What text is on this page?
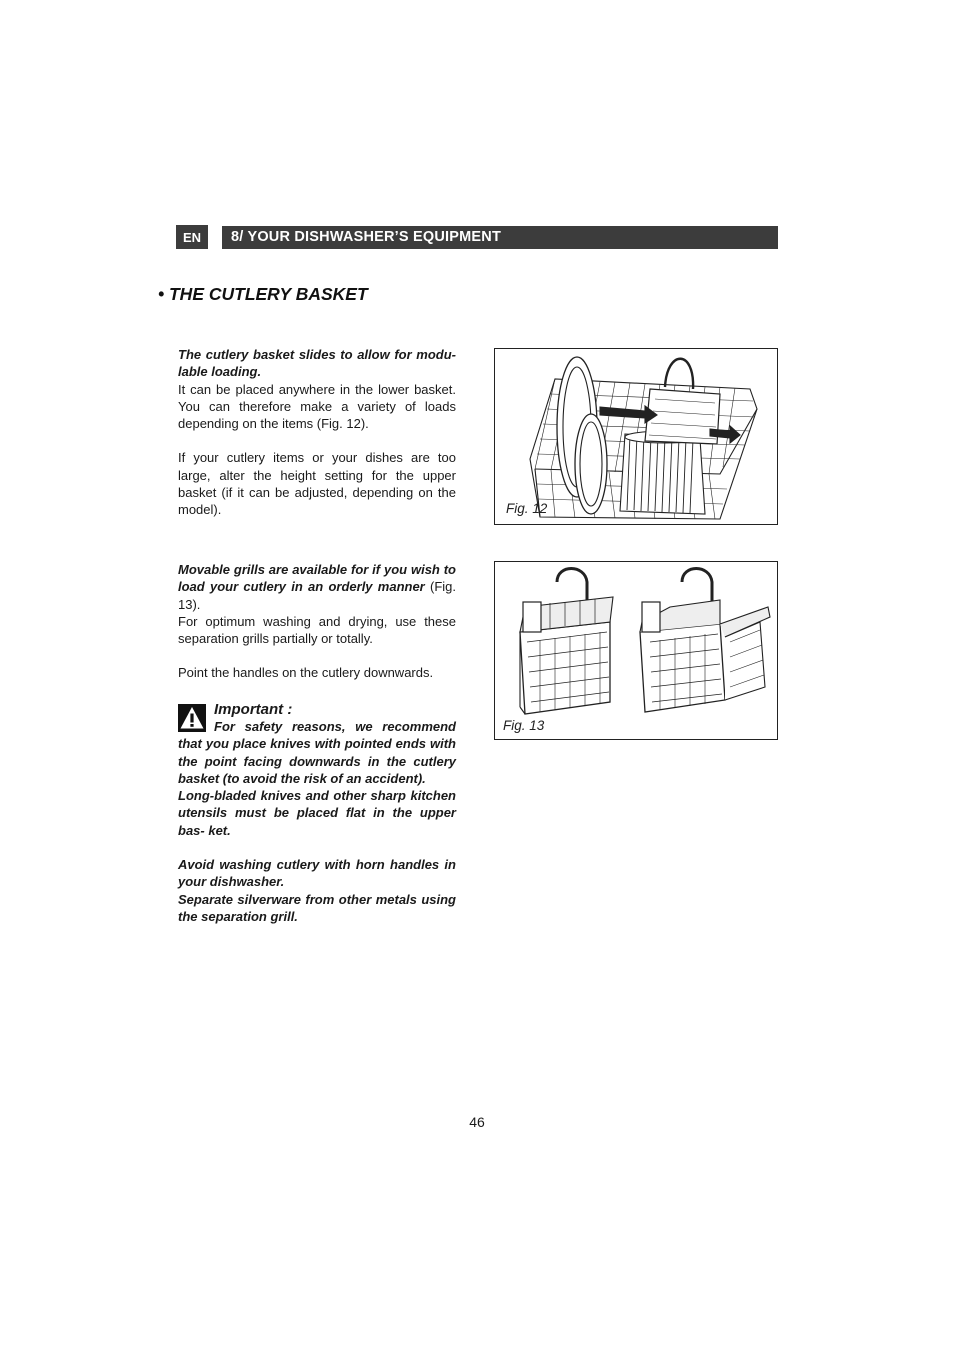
EN	8/ YOUR DISHWASHER’S EQUIPMENT
• THE CUTLERY BASKET

The cutlery basket slides to allow for modu- lable loading.

It can be placed anywhere in the lower basket. You can therefore make a variety of loads depending on the items (Fig. 12).

If your cutlery items or your dishes are too large, alter the height setting for the upper basket (if it can be adjusted, depending on the model).

Movable grills are available for if you wish to load your cutlery in an orderly manner (Fig. 13).

For optimum washing and drying, use these separation grills partially or totally.

Point the handles on the cutlery downwards.

Important :

For safety reasons, we recommend that you place knives with pointed ends with the point facing downwards in the cutlery basket (to avoid the risk of an accident).

Long-bladed knives and other sharp kitchen utensils must be placed flat in the upper bas- ket.

Avoid washing cutlery with horn handles in your dishwasher.

Separate silverware from other metals using the separation grill.

Fig. 12
Fig. 13
46
